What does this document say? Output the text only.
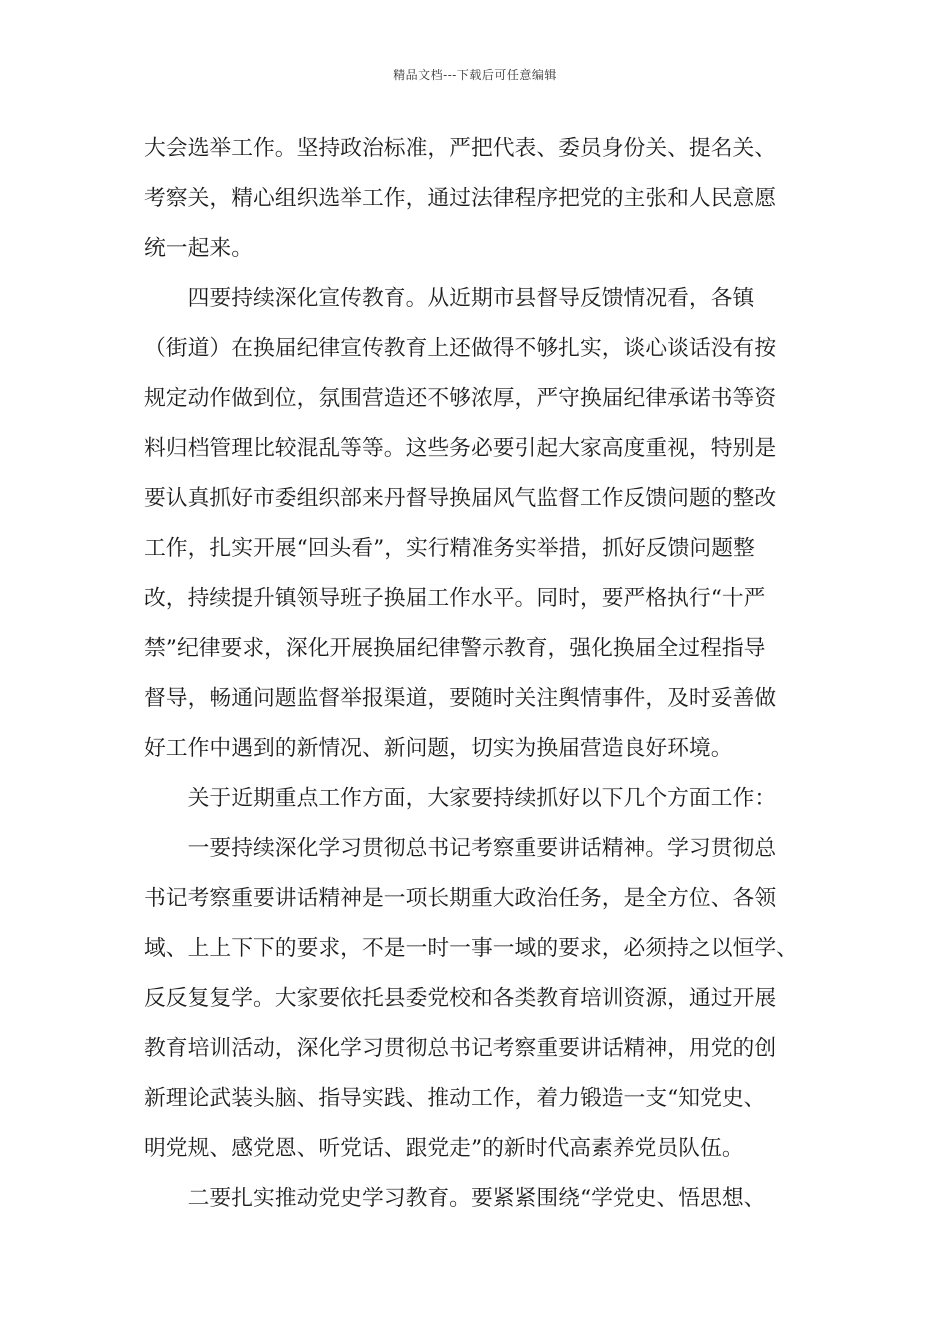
精品文档---下载后可任意编辑
大会选举工作。坚持政治标准，严把代表、委员身份关、提名关、
考察关，精心组织选举工作，通过法律程序把党的主张和人民意愿
统一起来。
　　四要持续深化宣传教育。从近期市县督导反馈情况看，各镇
（街道）在换届纪律宣传教育上还做得不够扎实，谈心谈话没有按
规定动作做到位，氛围营造还不够浓厚，严守换届纪律承诺书等资
料归档管理比较混乱等等。这些务必要引起大家高度重视，特别是
要认真抓好市委组织部来丹督导换届风气监督工作反馈问题的整改
工作，扎实开展“回头看”，实行精准务实举措，抓好反馈问题整
改，持续提升镇领导班子换届工作水平。同时，要严格执行“十严
禁”纪律要求，深化开展换届纪律警示教育，强化换届全过程指导
督导，畅通问题监督举报渠道，要随时关注舆情事件，及时妥善做
好工作中遇到的新情况、新问题，切实为换届营造良好环境。
　　关于近期重点工作方面，大家要持续抓好以下几个方面工作：
　　一要持续深化学习贯彻总书记考察重要讲话精神。学习贯彻总
书记考察重要讲话精神是一项长期重大政治任务，是全方位、各领
域、上上下下的要求，不是一时一事一域的要求，必须持之以恒学、
反反复复学。大家要依托县委党校和各类教育培训资源，通过开展
教育培训活动，深化学习贯彻总书记考察重要讲话精神，用党的创
新理论武装头脑、指导实践、推动工作，着力锻造一支“知党史、
明党规、感党恩、听党话、跟党走”的新时代高素养党员队伍。
　　二要扎实推动党史学习教育。要紧紧围绕“学党史、悟思想、
